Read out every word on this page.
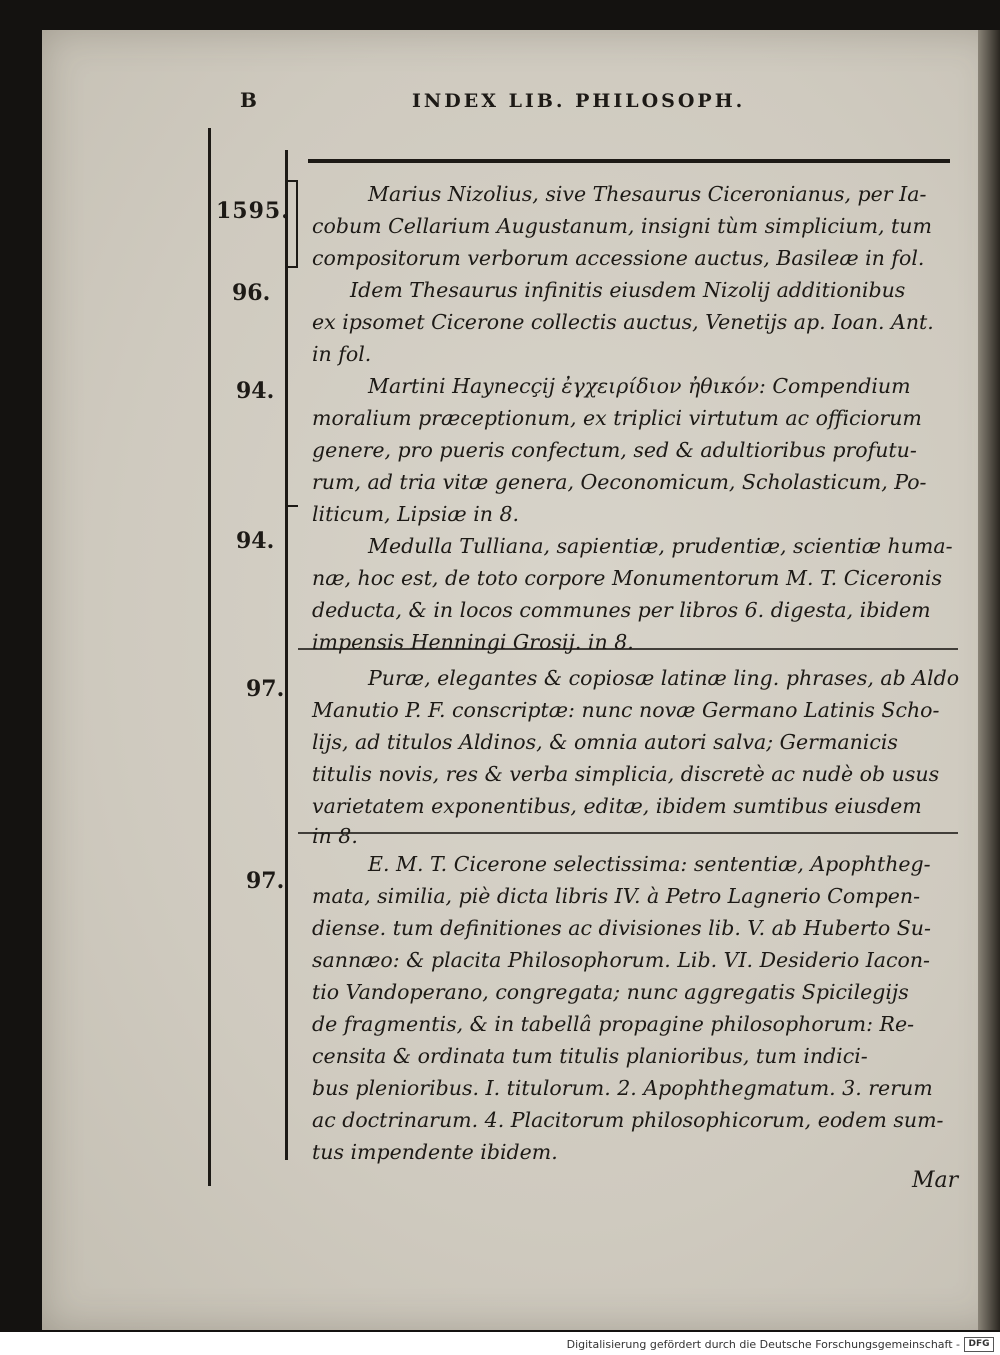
B	INDEX LIB. PHILOSOPH.
1595.
96.
94.
94.
97.
97.
Marius Nizolius, sive Thesaurus Ciceronianus, per Ia-
cobum Cellarium Augustanum, insigni tùm simplicium, tum
compositorum verborum accessione auctus, Basileæ in fol.
Idem Thesaurus infinitis eiusdem Nizolij additionibus
ex ipsomet Cicerone collectis auctus, Venetijs ap. Ioan. Ant.
in fol.
Martini Haynecçij ἐγχειρίδιον ἠθικόν: Compendium
moralium præceptionum, ex triplici virtutum ac officiorum
genere, pro pueris confectum, sed & adultioribus profutu-
rum, ad tria vitæ genera, Oeconomicum, Scholasticum, Po-
liticum, Lipsiæ in 8.
Medulla Tulliana, sapientiæ, prudentiæ, scientiæ huma-
næ, hoc est, de toto corpore Monumentorum M. T. Ciceronis
deducta, & in locos communes per libros 6. digesta, ibidem
impensis Henningi Grosij. in 8.
Puræ, elegantes & copiosæ latinæ ling. phrases, ab Aldo
Manutio P. F. conscriptæ: nunc novæ Germano Latinis Scho-
lijs, ad titulos Aldinos, & omnia autori salva; Germanicis
titulis novis, res & verba simplicia, discretè ac nudè ob usus
varietatem exponentibus, editæ, ibidem sumtibus eiusdem
in 8.
E. M. T. Cicerone selectissima: sententiæ, Apophtheg-
mata, similia, piè dicta libris IV. à Petro Lagnerio Compen-
diense. tum definitiones ac divisiones lib. V. ab Huberto Su-
sannæo: & placita Philosophorum. Lib. VI. Desiderio Iacon-
tio Vandoperano, congregata; nunc aggregatis Spicilegijs
de fragmentis, & in tabellâ propagine philosophorum: Re-
censita & ordinata tum titulis planioribus, tum indici-
bus plenioribus. I. titulorum. 2. Apophthegmatum. 3. rerum
ac doctrinarum. 4. Placitorum philosophicorum, eodem sum-
tus impendente ibidem.
Mar
Digitalisierung gefördert durch die Deutsche Forschungsgemeinschaft - DFG
